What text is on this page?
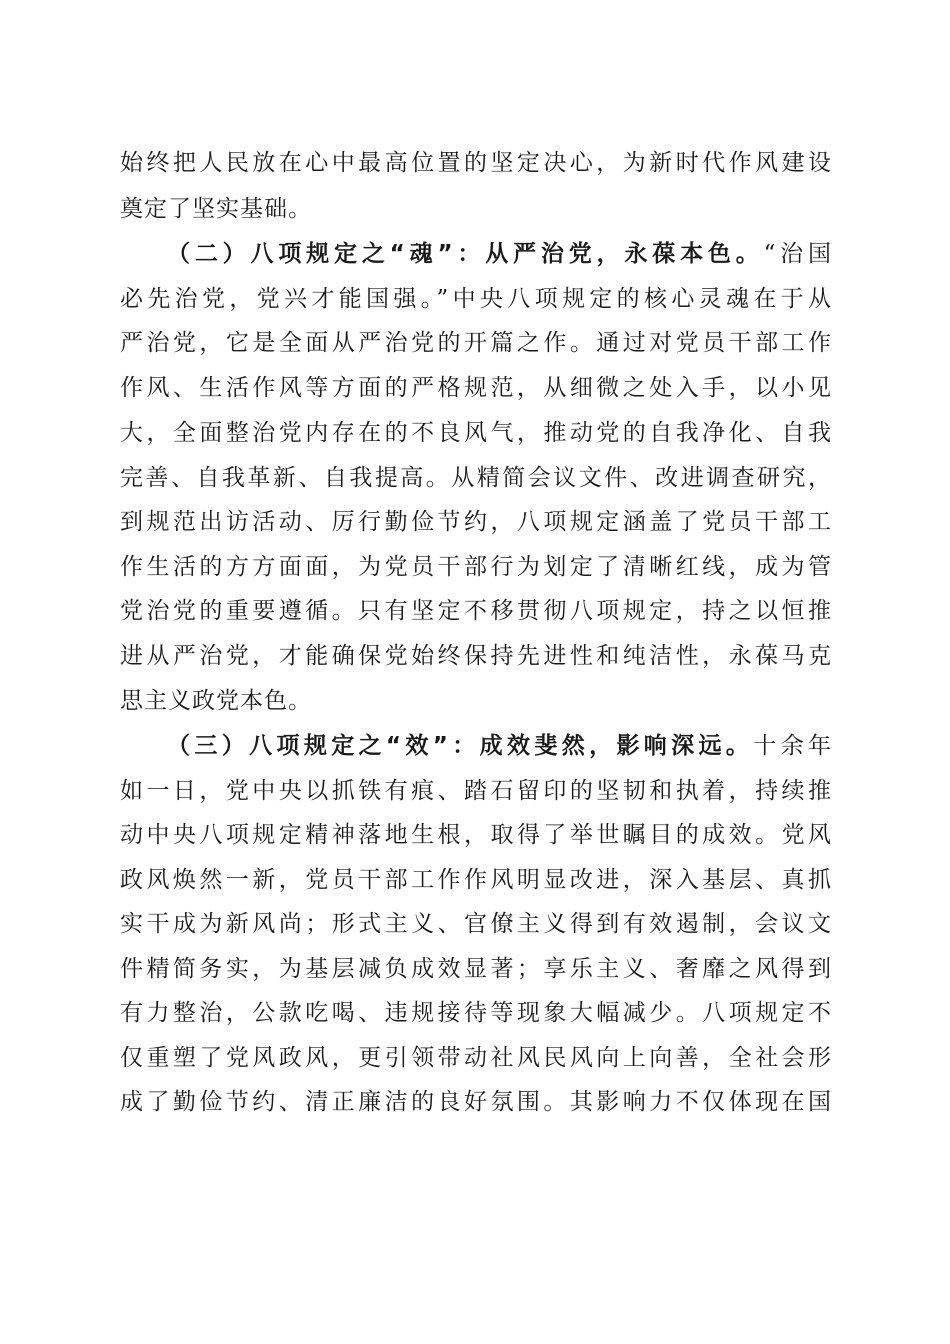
始终把人民放在心中最高位置的坚定决心，为新时代作风建设
奠定了坚实基础。
（二）八项规定之“魂”：从严治党，永葆本色。“治国
必先治党，党兴才能国强。”中央八项规定的核心灵魂在于从
严治党，它是全面从严治党的开篇之作。通过对党员干部工作
作风、生活作风等方面的严格规范，从细微之处入手，以小见
大，全面整治党内存在的不良风气，推动党的自我净化、自我
完善、自我革新、自我提高。从精简会议文件、改进调查研究，
到规范出访活动、厉行勤俭节约，八项规定涵盖了党员干部工
作生活的方方面面，为党员干部行为划定了清晰红线，成为管
党治党的重要遵循。只有坚定不移贯彻八项规定，持之以恒推
进从严治党，才能确保党始终保持先进性和纯洁性，永葆马克
思主义政党本色。
（三）八项规定之“效”：成效斐然，影响深远。十余年
如一日，党中央以抓铁有痕、踏石留印的坚韧和执着，持续推
动中央八项规定精神落地生根，取得了举世瞩目的成效。党风
政风焕然一新，党员干部工作作风明显改进，深入基层、真抓
实干成为新风尚；形式主义、官僚主义得到有效遏制，会议文
件精简务实，为基层减负成效显著；享乐主义、奢靡之风得到
有力整治，公款吃喝、违规接待等现象大幅减少。八项规定不
仅重塑了党风政风，更引领带动社风民风向上向善，全社会形
成了勤俭节约、清正廉洁的良好氛围。其影响力不仅体现在国
